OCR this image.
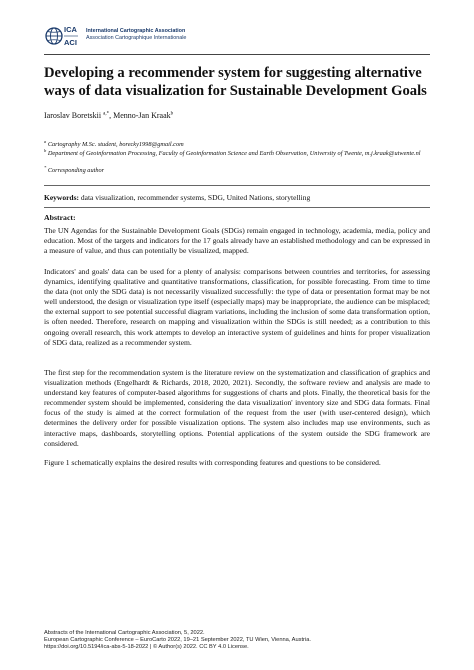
ICA
ACI
International Cartographic Association
Association Cartographique Internationale
Developing a recommender system for suggesting alternative ways of data visualization for Sustainable Development Goals
Iaroslav Boretskii $^{a,*}$, Menno-Jan Kraak$^b$
$^a$ Cartography M.Sc. student, borecky1998@gmail.com
$^b$ Department of Geoinformation Processing, Faculty of Geoinformation Science and Earth Observation, University of Twente, m.j.kraak@utwente.nl
* Corresponding author
Keywords: data visualization, recommender systems, SDG, United Nations, storytelling
Abstract:

The UN Agendas for the Sustainable Development Goals (SDGs) remain engaged in technology, academia, media, policy and education. Most of the targets and indicators for the 17 goals already have an established methodology and can be expressed in a measure of value, and thus can potentially be visualized, mapped.

Indicators' and goals' data can be used for a plenty of analysis: comparisons between countries and territories, for assessing dynamics, identifying qualitative and quantitative transformations, classification, for possible forecasting. From time to time the data (not only the SDG data) is not necessarily visualized successfully: the type of data or presentation format may be not well understood, the design or visualization type itself (especially maps) may be inappropriate, the audience can be misplaced; the external support to see potential successful diagram variations, including the inclusion of some data transformation option, is often needed. Therefore, research on mapping and visualization within the SDGs is still needed; as a contribution to this ongoing overall research, this work attempts to develop an interactive system of guidelines and hints for proper visualization of SDG data, realized as a recommender system.

The first step for the recommendation system is the literature review on the systematization and classification of graphics and visualization methods (Engelhardt & Richards, 2018, 2020, 2021). Secondly, the software review and analysis are made to understand key features of computer-based algorithms for suggestions of charts and plots. Finally, the theoretical basis for the recommender system should be implemented, considering the data visualization' inventory size and SDG data formats. Final focus of the study is aimed at the correct formulation of the request from the user (with user-centered design), which determines the delivery order for possible visualization options. The system also includes map use environments, such as interactive maps, dashboards, storytelling options. Potential applications of the system outside the SDG framework are considered.

Figure 1 schematically explains the desired results with corresponding features and questions to be considered.

Abstracts of the International Cartographic Association, 5, 2022.
European Cartographic Conference – EuroCarto 2022, 19–21 September 2022, TU Wien, Vienna, Austria.
https://doi.org/10.5194/ica-abs-5-18-2022 | © Author(s) 2022. CC BY 4.0 License.
